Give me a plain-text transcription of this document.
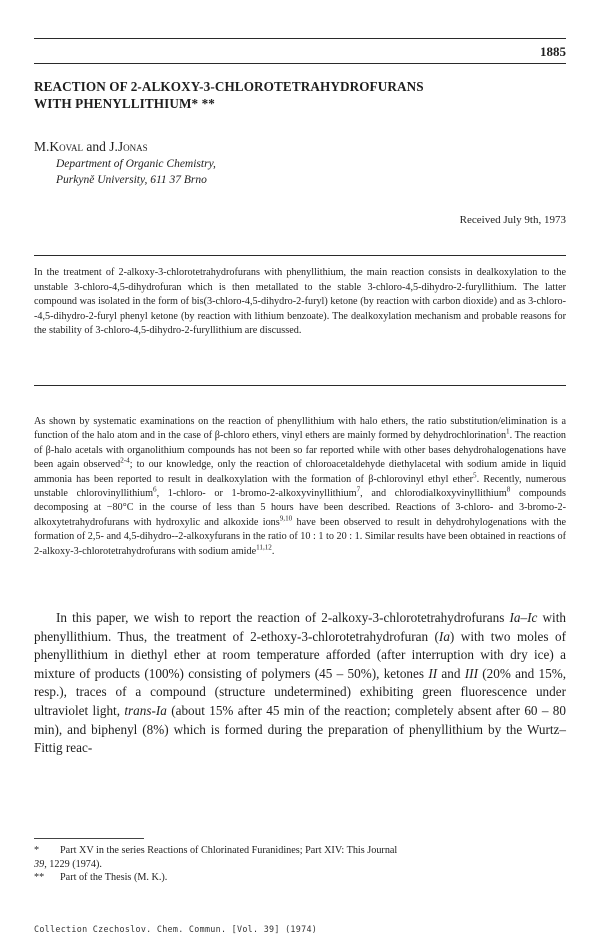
1885
REACTION OF 2-ALKOXY-3-CHLOROTETRAHYDROFURANS
WITH PHENYLLITHIUM* **
M.Koval and J.Jonas
Department of Organic Chemistry,
Purkyně University, 611 37 Brno
Received July 9th, 1973
In the treatment of 2-alkoxy-3-chlorotetrahydrofurans with phenyllithium, the main reaction consists in dealkoxylation to the unstable 3-chloro-4,5-dihydrofuran which is then metallated to the stable 3-chloro-4,5-dihydro-2-furyllithium. The latter compound was isolated in the form of bis(3-chloro-4,5-dihydro-2-furyl) ketone (by reaction with carbon dioxide) and as 3-chloro--4,5-dihydro-2-furyl phenyl ketone (by reaction with lithium benzoate). The dealkoxylation mechanism and probable reasons for the stability of 3-chloro-4,5-dihydro-2-furyllithium are discussed.
As shown by systematic examinations on the reaction of phenyllithium with halo ethers, the ratio substitution/elimination is a function of the halo atom and in the case of β-chloro ethers, vinyl ethers are mainly formed by dehydrochlorination$^1$. The reaction of β-halo acetals with organolithium compounds has not been so far reported while with other bases dehydrohalogenations have been again observed$^{2-4}$; to our knowledge, only the reaction of chloroacetaldehyde diethylacetal with sodium amide in liquid ammonia has been reported to result in dealkoxylation with the formation of β-chlorovinyl ethyl ether$^5$. Recently, numerous unstable chlorovinyllithium$^6$, 1-chloro- or 1-bromo-2-alkoxyvinyllithium$^7$, and chlorodialkoxyvinyllithium$^8$ compounds decomposing at −80°C in the course of less than 5 hours have been described. Reactions of 3-chloro- and 3-bromo-2-alkoxytetrahydrofurans with hydroxylic and alkoxide ions$^{9,10}$ have been observed to result in dehydrohylogenations with the formation of 2,5- and 4,5-dihydro--2-alkoxyfurans in the ratio of 10 : 1 to 20 : 1. Similar results have been obtained in reactions of 2-alkoxy-3-chlorotetrahydrofurans with sodium amide$^{11,12}$.

In this paper, we wish to report the reaction of 2-alkoxy-3-chlorotetrahydrofurans Ia–Ic with phenyllithium. Thus, the treatment of 2-ethoxy-3-chlorotetrahydrofuran (Ia) with two moles of phenyllithium in diethyl ether at room temperature afforded (after interruption with dry ice) a mixture of products (100%) consisting of polymers (45 – 50%), ketones II and III (20% and 15%, resp.), traces of a compound (structure undetermined) exhibiting green fluorescence under ultraviolet light, trans-Ia (about 15% after 45 min of the reaction; completely absent after 60 – 80 min), and biphenyl (8%) which is formed during the preparation of phenyllithium by the Wurtz–Fittig reac-

* Part XV in the series Reactions of Chlorinated Furanidines; Part XIV: This Journal
39, 1229 (1974).
** Part of the Thesis (M. K.).
Collection Czechoslov. Chem. Commun. [Vol. 39] (1974)
